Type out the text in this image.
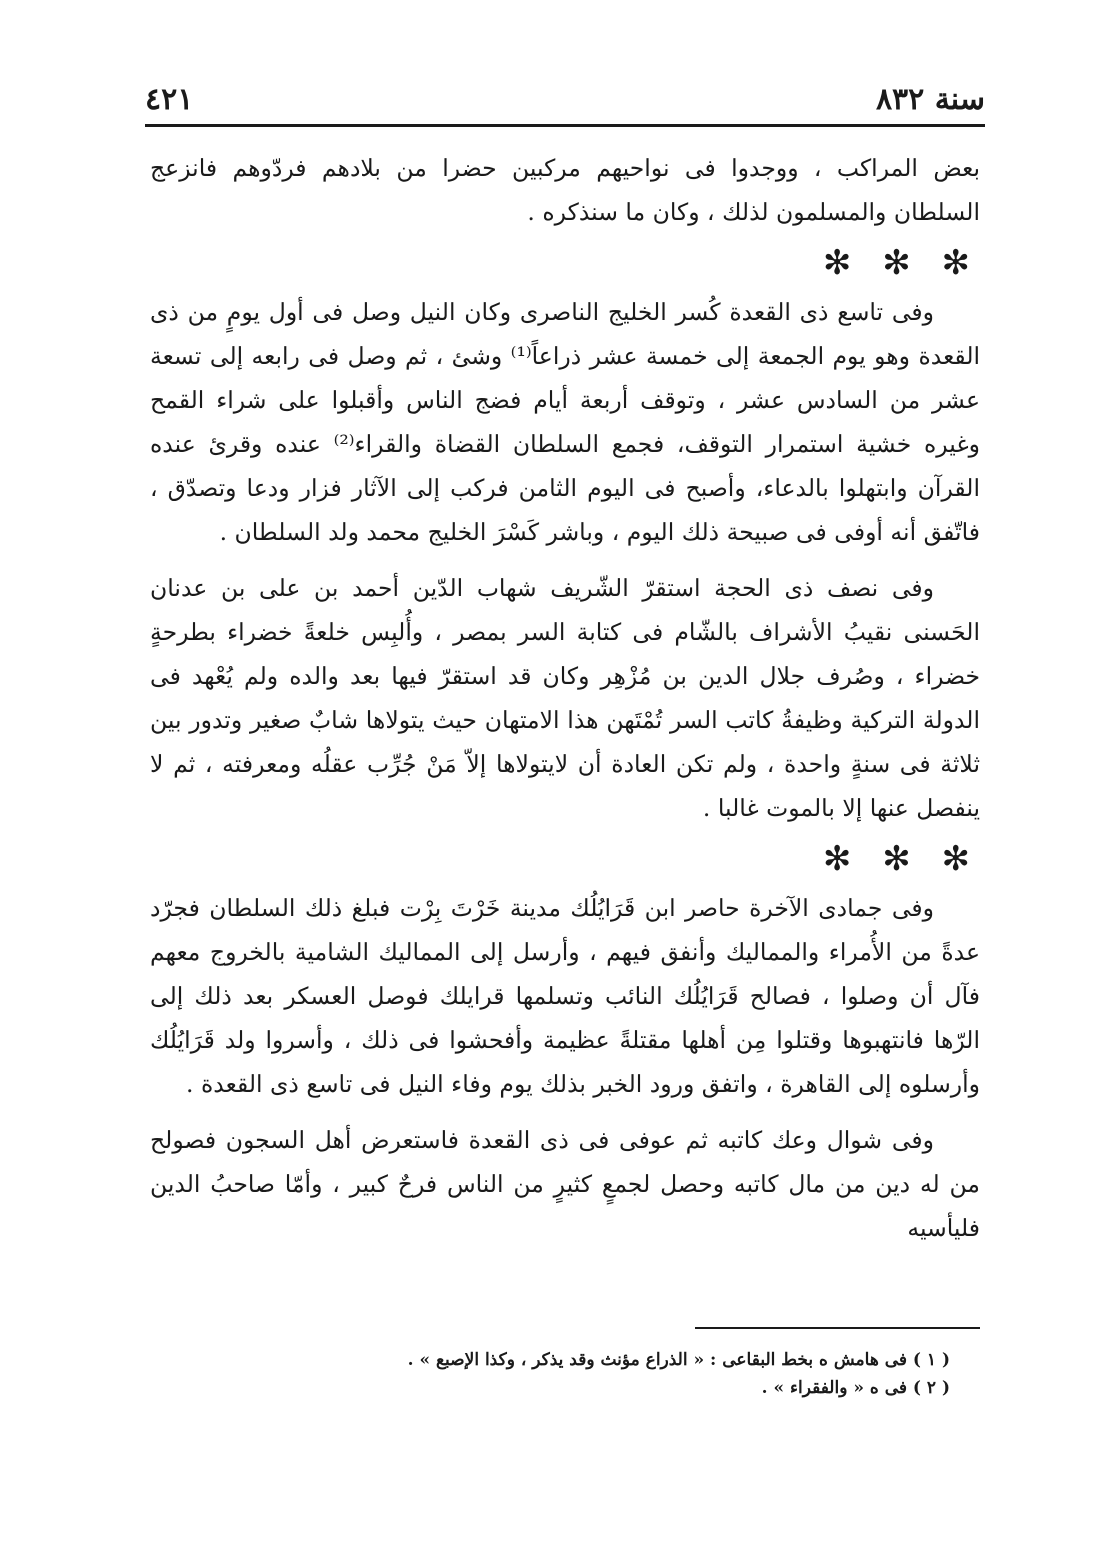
سنة ٨٣٢
٤٢١

بعض المراكب ، ووجدوا فى نواحيهم مركبين حضرا من بلادهم فردّوهم فانزعج السلطان والمسلمون لذلك ، وكان ما سنذكره .

✻ ✻ ✻

وفى تاسع ذى القعدة كُسر الخليج الناصرى وكان النيل وصل فى أول يومٍ من ذى القعدة وهو يوم الجمعة إلى خمسة عشر ذراعاً⁽¹⁾ وشئ ، ثم وصل فى رابعه إلى تسعة عشر من السادس عشر ، وتوقف أربعة أيام فضج الناس وأقبلوا على شراء القمح وغيره خشية استمرار التوقف، فجمع السلطان القضاة والقراء⁽²⁾ عنده وقرئ عنده القرآن وابتهلوا بالدعاء، وأصبح فى اليوم الثامن فركب إلى الآثار فزار ودعا وتصدّق ، فاتّفق أنه أوفى فى صبيحة ذلك اليوم ، وباشر كَسْرَ الخليج محمد ولد السلطان .

وفى نصف ذى الحجة استقرّ الشّريف شهاب الدّين أحمد بن على بن عدنان الحَسنى نقيبُ الأشراف بالشّام فى كتابة السر بمصر ، وأُلبِس خلعةً خضراء بطرحةٍ خضراء ، وصُرف جلال الدين بن مُزْهِر وكان قد استقرّ فيها بعد والده ولم يُعْهد فى الدولة التركية وظيفةُ كاتب السر تُمْتَهن هذا الامتهان حيث يتولاها شابٌ صغير وتدور بين ثلاثة فى سنةٍ واحدة ، ولم تكن العادة أن لايتولاها إلاّ مَنْ جُرِّب عقلُه ومعرفته ، ثم لا ينفصل عنها إلا بالموت غالبا .

✻ ✻ ✻

وفى جمادى الآخرة حاصر ابن قَرَايُلُك مدينة خَرْتَ بِرْت فبلغ ذلك السلطان فجرّد عدةً من الأُمراء والمماليك وأنفق فيهم ، وأرسل إلى المماليك الشامية بالخروج معهم فآل أن وصلوا ، فصالح قَرَايُلُك النائب وتسلمها قرايلك فوصل العسكر بعد ذلك إلى الرّها فانتهبوها وقتلوا مِن أهلها مقتلةً عظيمة وأفحشوا فى ذلك ، وأسروا ولد قَرَايُلُك وأرسلوه إلى القاهرة ، واتفق ورود الخبر بذلك يوم وفاء النيل فى تاسع ذى القعدة .

وفى شوال وعك كاتبه ثم عوفى فى ذى القعدة فاستعرض أهل السجون فصولح من له دين من مال كاتبه وحصل لجمعٍ كثيرٍ من الناس فرحٌ كبير ، وأمّا صاحبُ الدين فليأسيه

( ١ ) فى هامش ه بخط البقاعى : « الذراع مؤنث وقد يذكر ، وكذا الإصبع » .

( ٢ ) فى ه « والفقراء » .
